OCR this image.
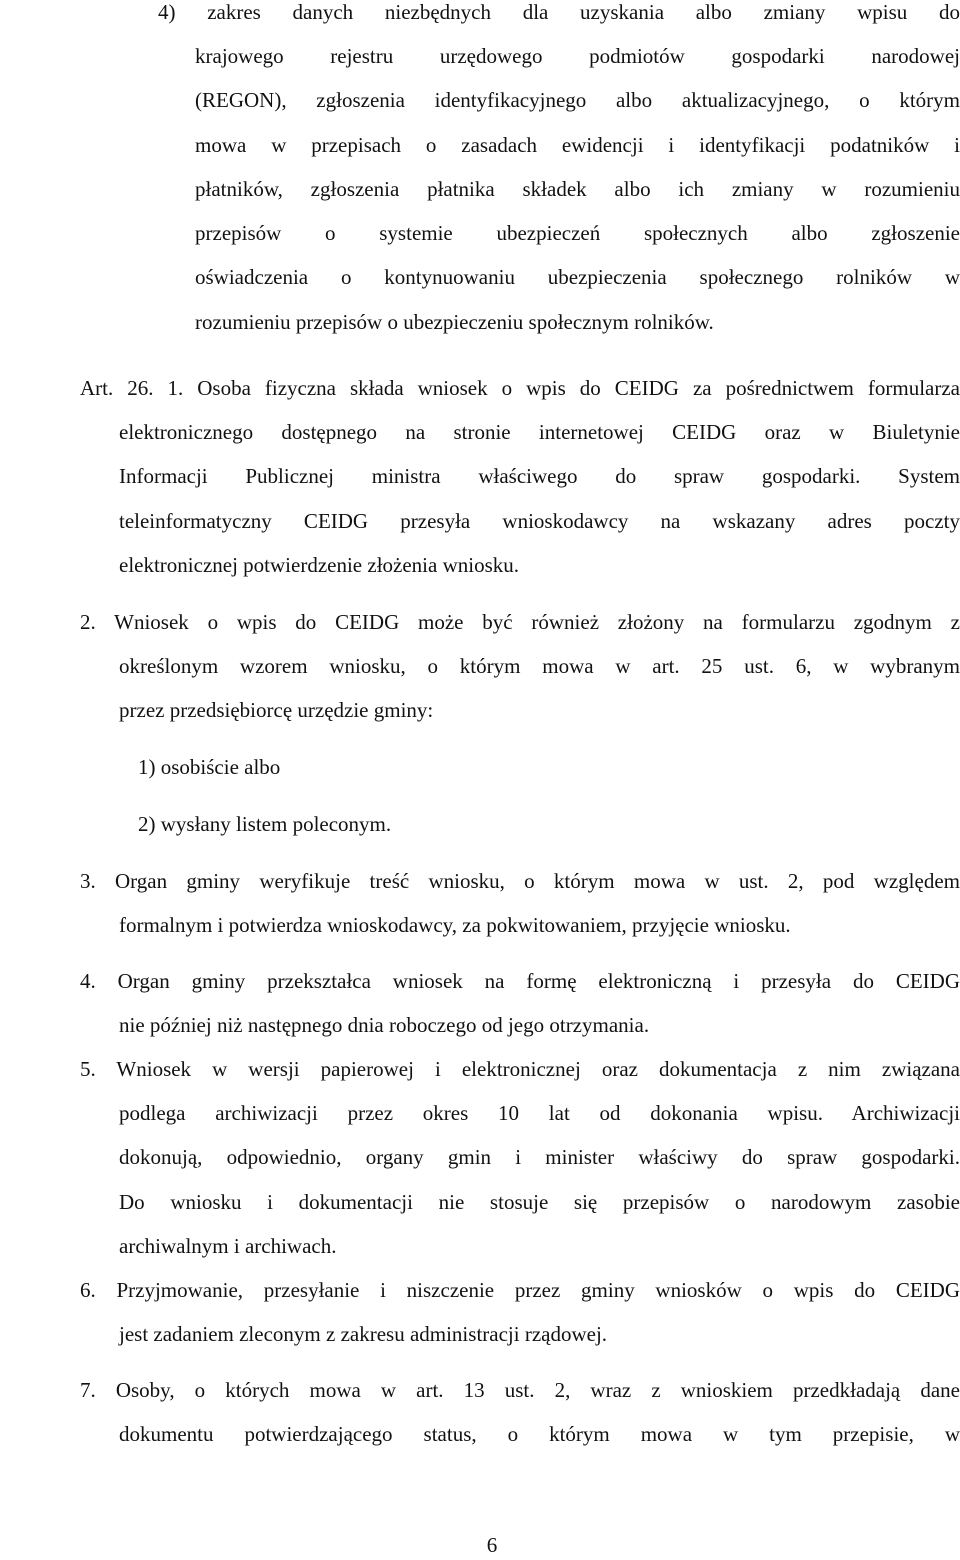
4) zakres danych niezbędnych dla uzyskania albo zmiany wpisu do
krajowego rejestru urzędowego podmiotów gospodarki narodowej
(REGON), zgłoszenia identyfikacyjnego albo aktualizacyjnego, o którym
mowa w przepisach o zasadach ewidencji i identyfikacji podatników i
płatników, zgłoszenia płatnika składek albo ich zmiany w rozumieniu
przepisów o systemie ubezpieczeń społecznych albo zgłoszenie
oświadczenia o kontynuowaniu ubezpieczenia społecznego rolników w
rozumieniu przepisów o ubezpieczeniu społecznym rolników.
Art. 26. 1. Osoba fizyczna składa wniosek o wpis do CEIDG za pośrednictwem formularza
elektronicznego dostępnego na stronie internetowej CEIDG oraz w Biuletynie
Informacji Publicznej ministra właściwego do spraw gospodarki. System
teleinformatyczny CEIDG przesyła wnioskodawcy na wskazany adres poczty
elektronicznej potwierdzenie złożenia wniosku.
2. Wniosek o wpis do CEIDG może być również złożony na formularzu zgodnym z
określonym wzorem wniosku, o którym mowa w art. 25 ust. 6, w wybranym
przez przedsiębiorcę urzędzie gminy:
1) osobiście albo
2) wysłany listem poleconym.
3. Organ gminy weryfikuje treść wniosku, o którym mowa w ust. 2, pod względem
formalnym i potwierdza wnioskodawcy, za pokwitowaniem, przyjęcie wniosku.
4. Organ gminy przekształca wniosek na formę elektroniczną i przesyła do CEIDG
nie później niż następnego dnia roboczego od jego otrzymania.
5. Wniosek w wersji papierowej i elektronicznej oraz dokumentacja z nim związana
podlega archiwizacji przez okres 10 lat od dokonania wpisu. Archiwizacji
dokonują, odpowiednio, organy gmin i minister właściwy do spraw gospodarki.
Do wniosku i dokumentacji nie stosuje się przepisów o narodowym zasobie
archiwalnym i archiwach.
6. Przyjmowanie, przesyłanie i niszczenie przez gminy wniosków o wpis do CEIDG
jest zadaniem zleconym z zakresu administracji rządowej.
7. Osoby, o których mowa w art. 13 ust. 2, wraz z wnioskiem przedkładają dane
dokumentu potwierdzającego status, o którym mowa w tym przepisie, w
6
